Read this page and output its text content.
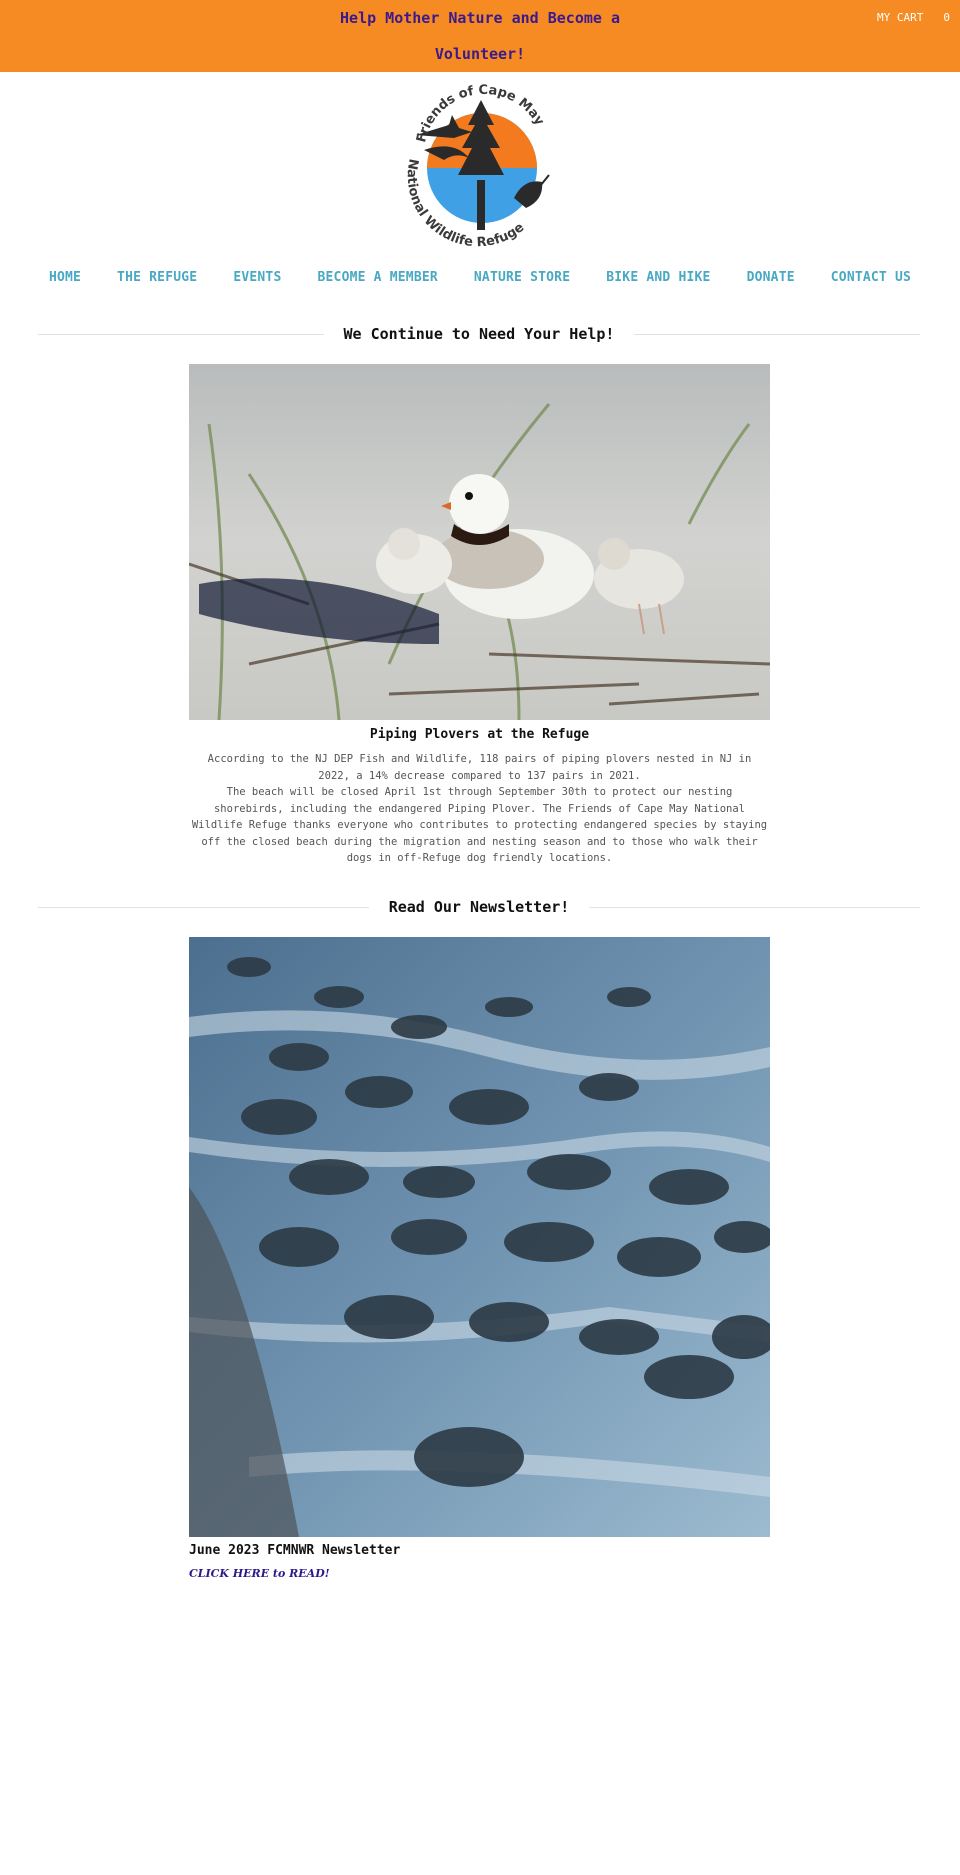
Help Mother Nature and Become a
Volunteer!
MY CART 0
Friends of Cape May
National Wildlife Refuge
HOME	THE REFUGE	EVENTS	BECOME A MEMBER	NATURE STORE	BIKE AND HIKE	DONATE	CONTACT US
We Continue to Need Your Help!
Piping Plovers at the Refuge

According to the NJ DEP Fish and Wildlife, 118 pairs of piping plovers nested in NJ in 2022, a 14% decrease compared to 137 pairs in 2021.

The beach will be closed April 1st through September 30th to protect our nesting shorebirds, including the endangered Piping Plover. The Friends of Cape May National Wildlife Refuge thanks everyone who contributes to protecting endangered species by staying off the closed beach during the migration and nesting season and to those who walk their dogs in off-Refuge dog friendly locations.

Read Our Newsletter!
June 2023 FCMNWR Newsletter
CLICK HERE to READ!
